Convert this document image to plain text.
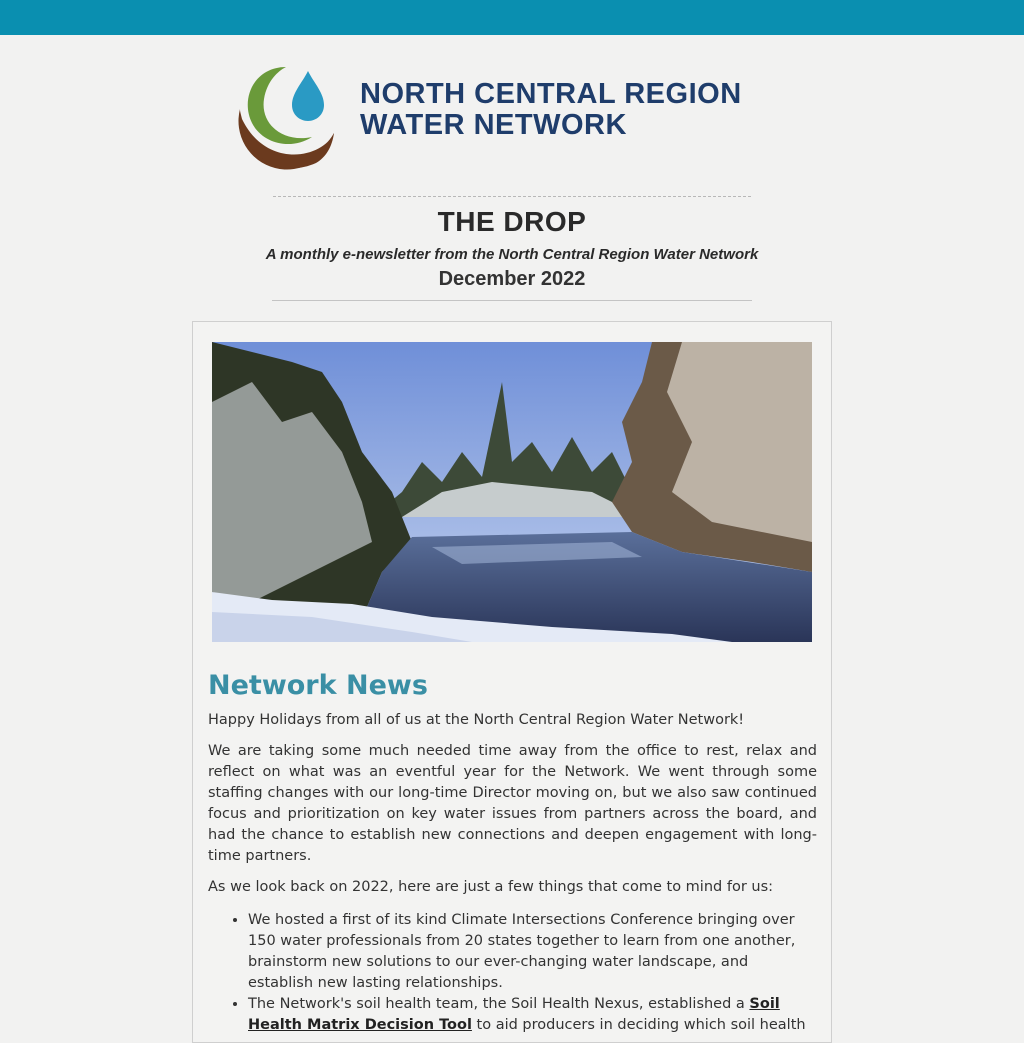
NORTH CENTRAL REGION
WATER NETWORK
THE DROP
A monthly e-newsletter from the North Central Region Water Network
December 2022
Network News

Happy Holidays from all of us at the North Central Region Water Network!

We are taking some much needed time away from the office to rest, relax and reflect on what was an eventful year for the Network. We went through some staffing changes with our long-time Director moving on, but we also saw continued focus and prioritization on key water issues from partners across the board, and had the chance to establish new connections and deepen engagement with long-time partners.

As we look back on 2022, here are just a few things that come to mind for us:

• We hosted a first of its kind Climate Intersections Conference bringing over 150 water professionals from 20 states together to learn from one another, brainstorm new solutions to our ever-changing water landscape, and establish new lasting relationships.
• The Network's soil health team, the Soil Health Nexus, established a Soil Health Matrix Decision Tool to aid producers in deciding which soil health
